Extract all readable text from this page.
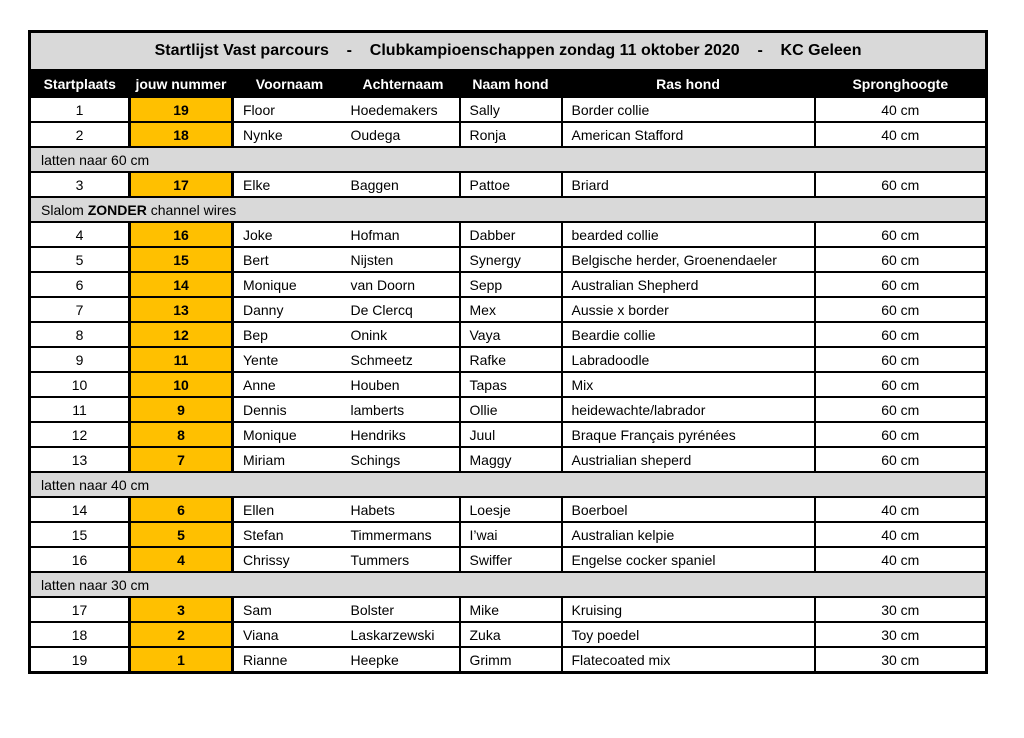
Startlijst Vast parcours    -    Clubkampioenschappen zondag 11 oktober 2020    -    KC Geleen						
Startplaats	jouw nummer	Voornaam	Achternaam	Naam hond	Ras hond	Spronghoogte
1	19	Floor	Hoedemakers	Sally	Border collie	40 cm
2	18	Nynke	Oudega	Ronja	American Stafford	40 cm
latten naar 60 cm						
3	17	Elke	Baggen	Pattoe	Briard	60 cm
Slalom ZONDER channel wires						
4	16	Joke	Hofman	Dabber	bearded collie	60 cm
5	15	Bert	Nijsten	Synergy	Belgische herder, Groenendaeler	60 cm
6	14	Monique	van Doorn	Sepp	Australian Shepherd	60 cm
7	13	Danny	De Clercq	Mex	Aussie x border	60 cm
8	12	Bep	Onink	Vaya	Beardie collie	60 cm
9	11	Yente	Schmeetz	Rafke	Labradoodle	60 cm
10	10	Anne	Houben	Tapas	Mix	60 cm
11	9	Dennis	lamberts	Ollie	heidewachte/labrador	60 cm
12	8	Monique	Hendriks	Juul	Braque Français pyrénées	60 cm
13	7	Miriam	Schings	Maggy	Austrialian sheperd	60 cm
latten naar 40 cm						
14	6	Ellen	Habets	Loesje	Boerboel	40 cm
15	5	Stefan	Timmermans	I’wai	Australian kelpie	40 cm
16	4	Chrissy	Tummers	Swiffer	Engelse cocker spaniel	40 cm
latten naar 30 cm						
17	3	Sam	Bolster	Mike	Kruising	30 cm
18	2	Viana	Laskarzewski	Zuka	Toy poedel	30 cm
19	1	Rianne	Heepke	Grimm	Flatecoated mix	30 cm
